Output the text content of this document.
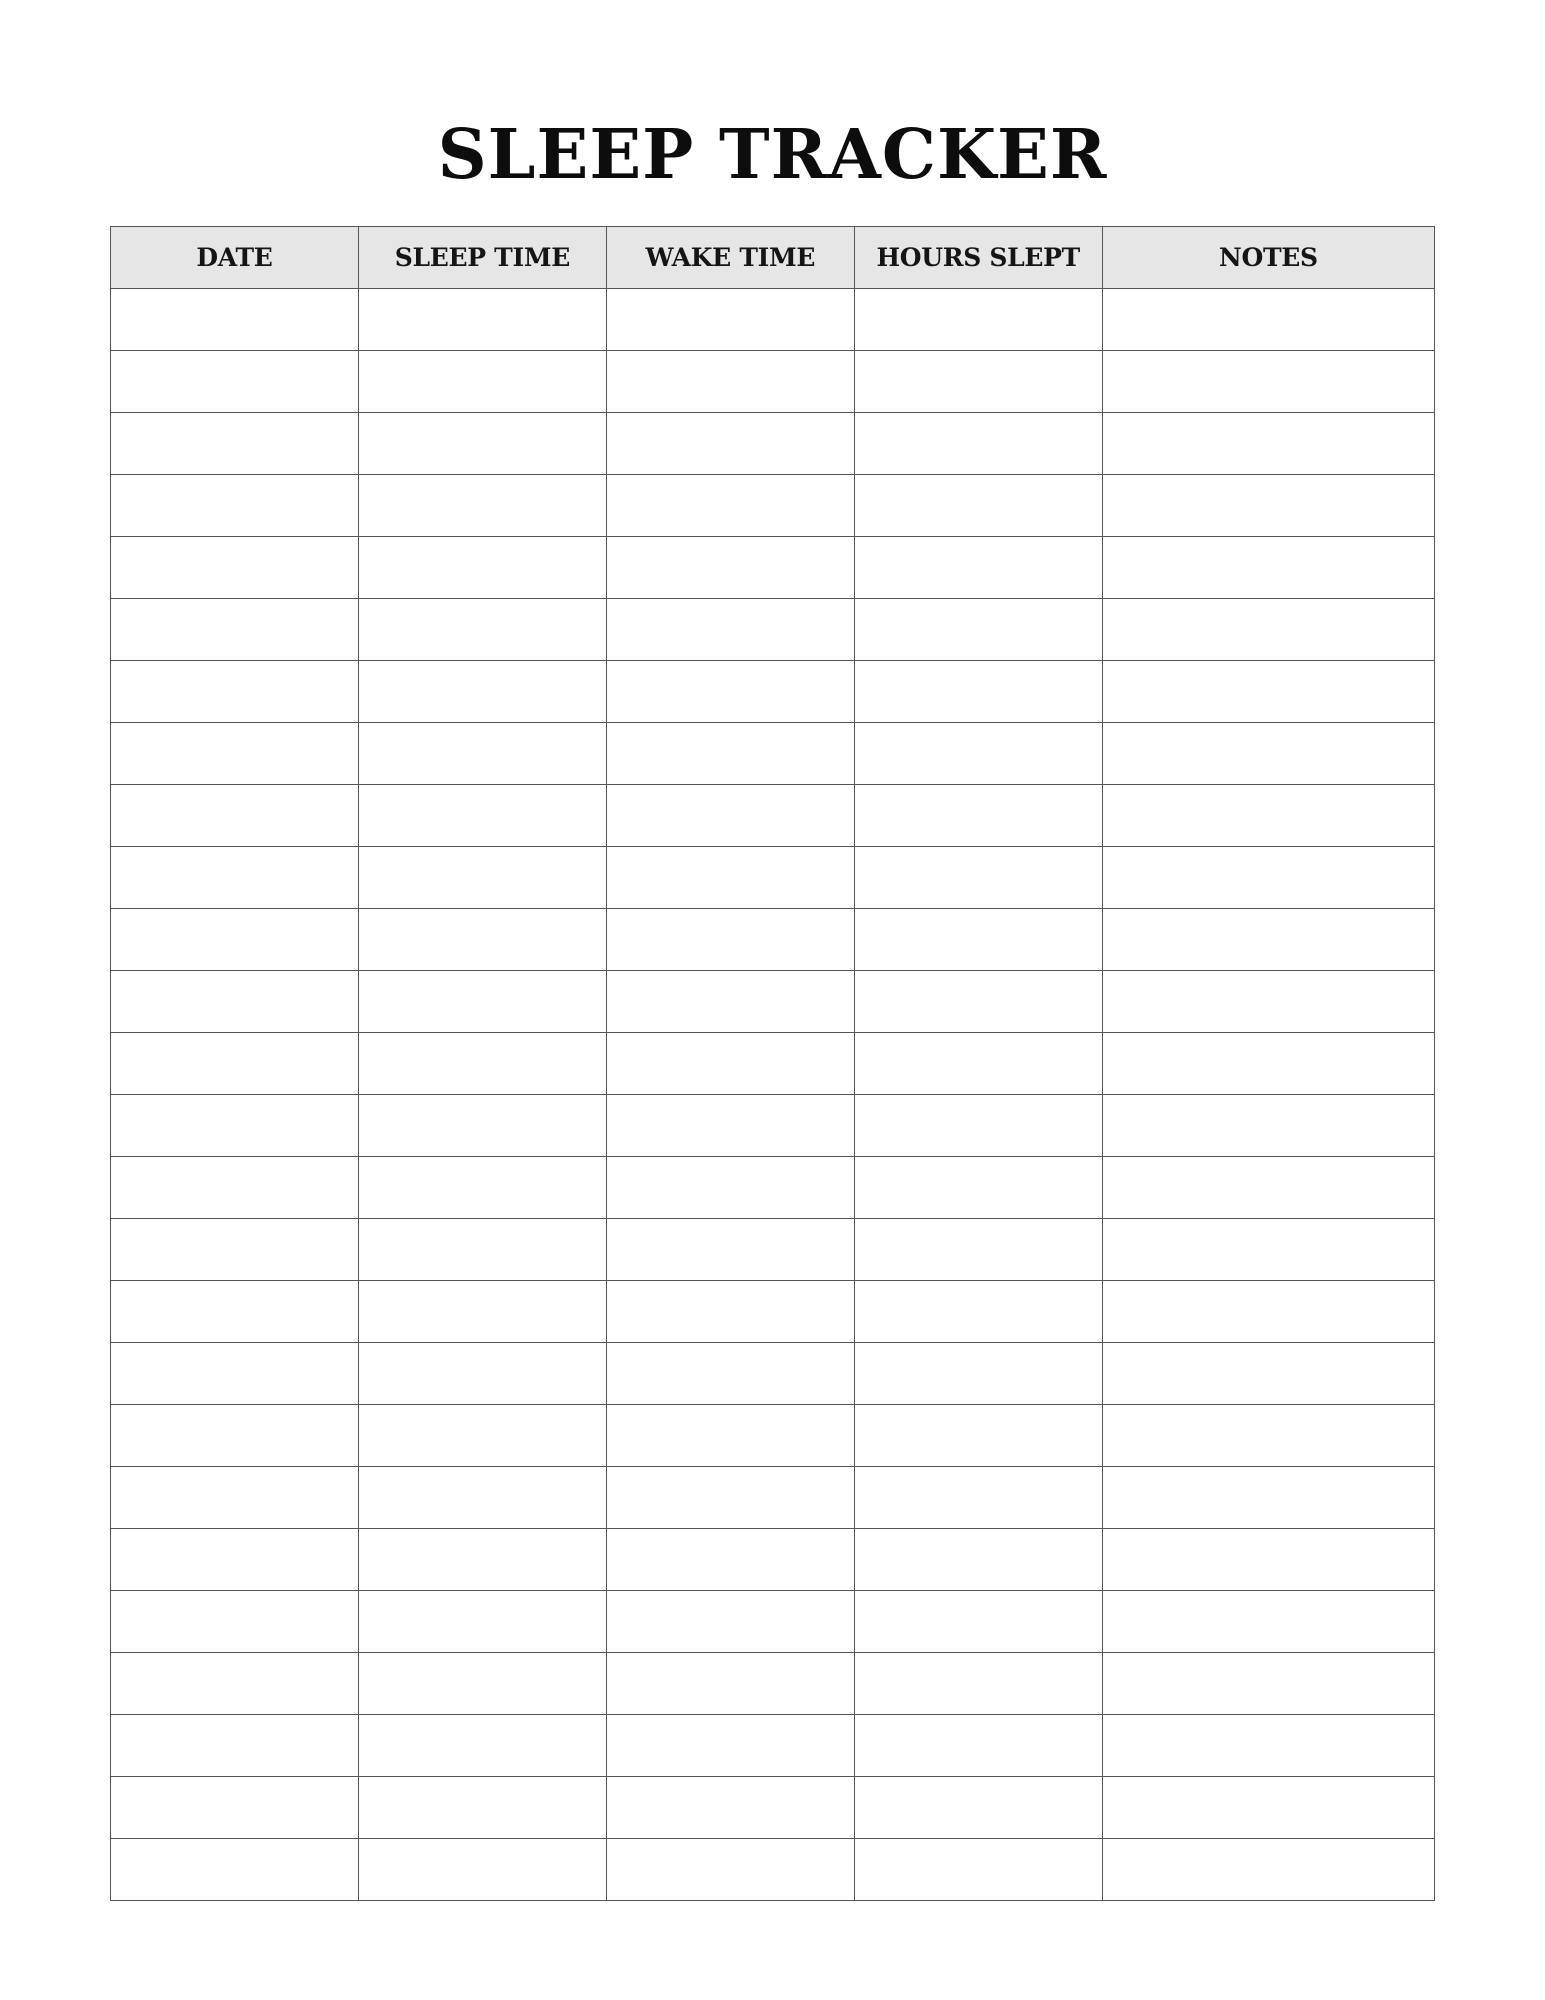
SLEEP TRACKER
DATE	SLEEP TIME	WAKE TIME	HOURS SLEPT	NOTES
